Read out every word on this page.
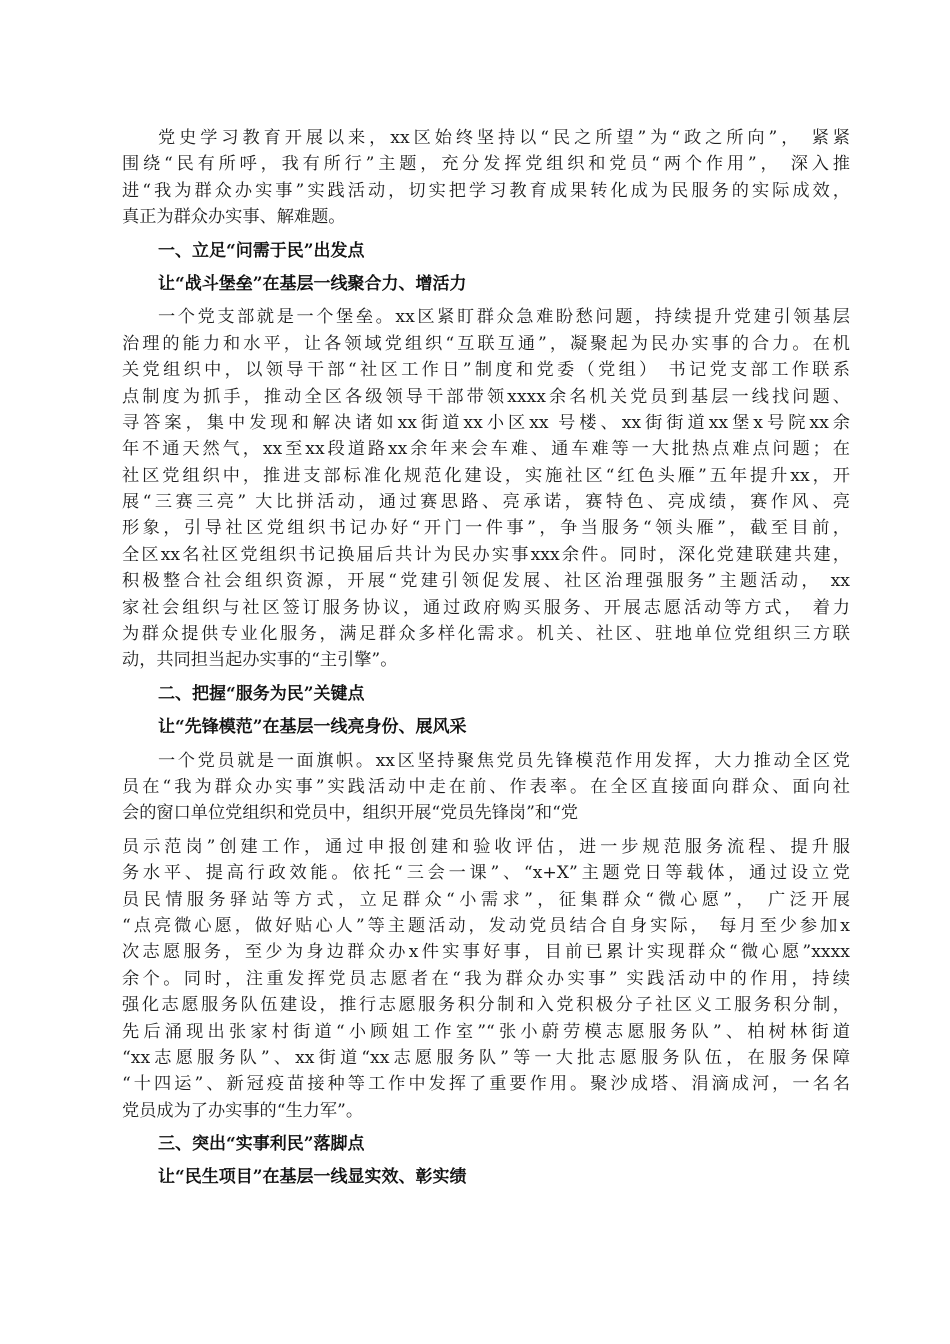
党史学习教育开展以来，xx区始终坚持以“民之所望”为“政之所向”， 紧紧
围绕“民有所呼，我有所行”主题，充分发挥党组织和党员“两个作用”， 深入推
进“我为群众办实事”实践活动，切实把学习教育成果转化成为民服务的实际成效，
真正为群众办实事、解难题。
一、立足“问需于民”出发点
让“战斗堡垒”在基层一线聚合力、增活力
一个党支部就是一个堡垒。xx区紧盯群众急难盼愁问题，持续提升党建引领基层
治理的能力和水平，让各领域党组织“互联互通”，凝聚起为民办实事的合力。在机
关党组织中，以领导干部“社区工作日”制度和党委（党组） 书记党支部工作联系
点制度为抓手，推动全区各级领导干部带领xxxx余名机关党员到基层一线找问题、
寻答案，集中发现和解决诸如xx街道xx小区xx 号楼、xx街街道xx堡x号院xx余
年不通天然气，xx至xx段道路xx余年来会车难、通车难等一大批热点难点问题；在
社区党组织中，推进支部标准化规范化建设，实施社区“红色头雁”五年提升xx，开
展“三赛三亮” 大比拼活动，通过赛思路、亮承诺，赛特色、亮成绩，赛作风、亮
形象，引导社区党组织书记办好“开门一件事”，争当服务“领头雁”，截至目前，
全区xx名社区党组织书记换届后共计为民办实事xxx余件。同时，深化党建联建共建，
积极整合社会组织资源，开展“党建引领促发展、社区治理强服务”主题活动， xx
家社会组织与社区签订服务协议，通过政府购买服务、开展志愿活动等方式， 着力
为群众提供专业化服务，满足群众多样化需求。机关、社区、驻地单位党组织三方联
动，共同担当起办实事的“主引擎”。
二、把握“服务为民”关键点
让“先锋模范”在基层一线亮身份、展风采
一个党员就是一面旗帜。xx区坚持聚焦党员先锋模范作用发挥，大力推动全区党
员在“我为群众办实事”实践活动中走在前、作表率。在全区直接面向群众、面向社
会的窗口单位党组织和党员中，组织开展“党员先锋岗”和“党
员示范岗”创建工作，通过申报创建和验收评估，进一步规范服务流程、提升服
务水平、提高行政效能。依托“三会一课”、“x+X”主题党日等载体，通过设立党
员民情服务驿站等方式，立足群众“小需求”，征集群众“微心愿”， 广泛开展
“点亮微心愿，做好贴心人”等主题活动，发动党员结合自身实际， 每月至少参加x
次志愿服务，至少为身边群众办x件实事好事，目前已累计实现群众“微心愿”xxxx
余个。同时，注重发挥党员志愿者在“我为群众办实事” 实践活动中的作用，持续
强化志愿服务队伍建设，推行志愿服务积分制和入党积极分子社区义工服务积分制，
先后涌现出张家村街道“小顾姐工作室”“张小蔚劳模志愿服务队”、柏树林街道
“xx志愿服务队”、xx街道“xx志愿服务队”等一大批志愿服务队伍，在服务保障
“十四运”、新冠疫苗接种等工作中发挥了重要作用。聚沙成塔、涓滴成河，一名名
党员成为了办实事的“生力军”。
三、突出“实事利民”落脚点
让“民生项目”在基层一线显实效、彰实绩
